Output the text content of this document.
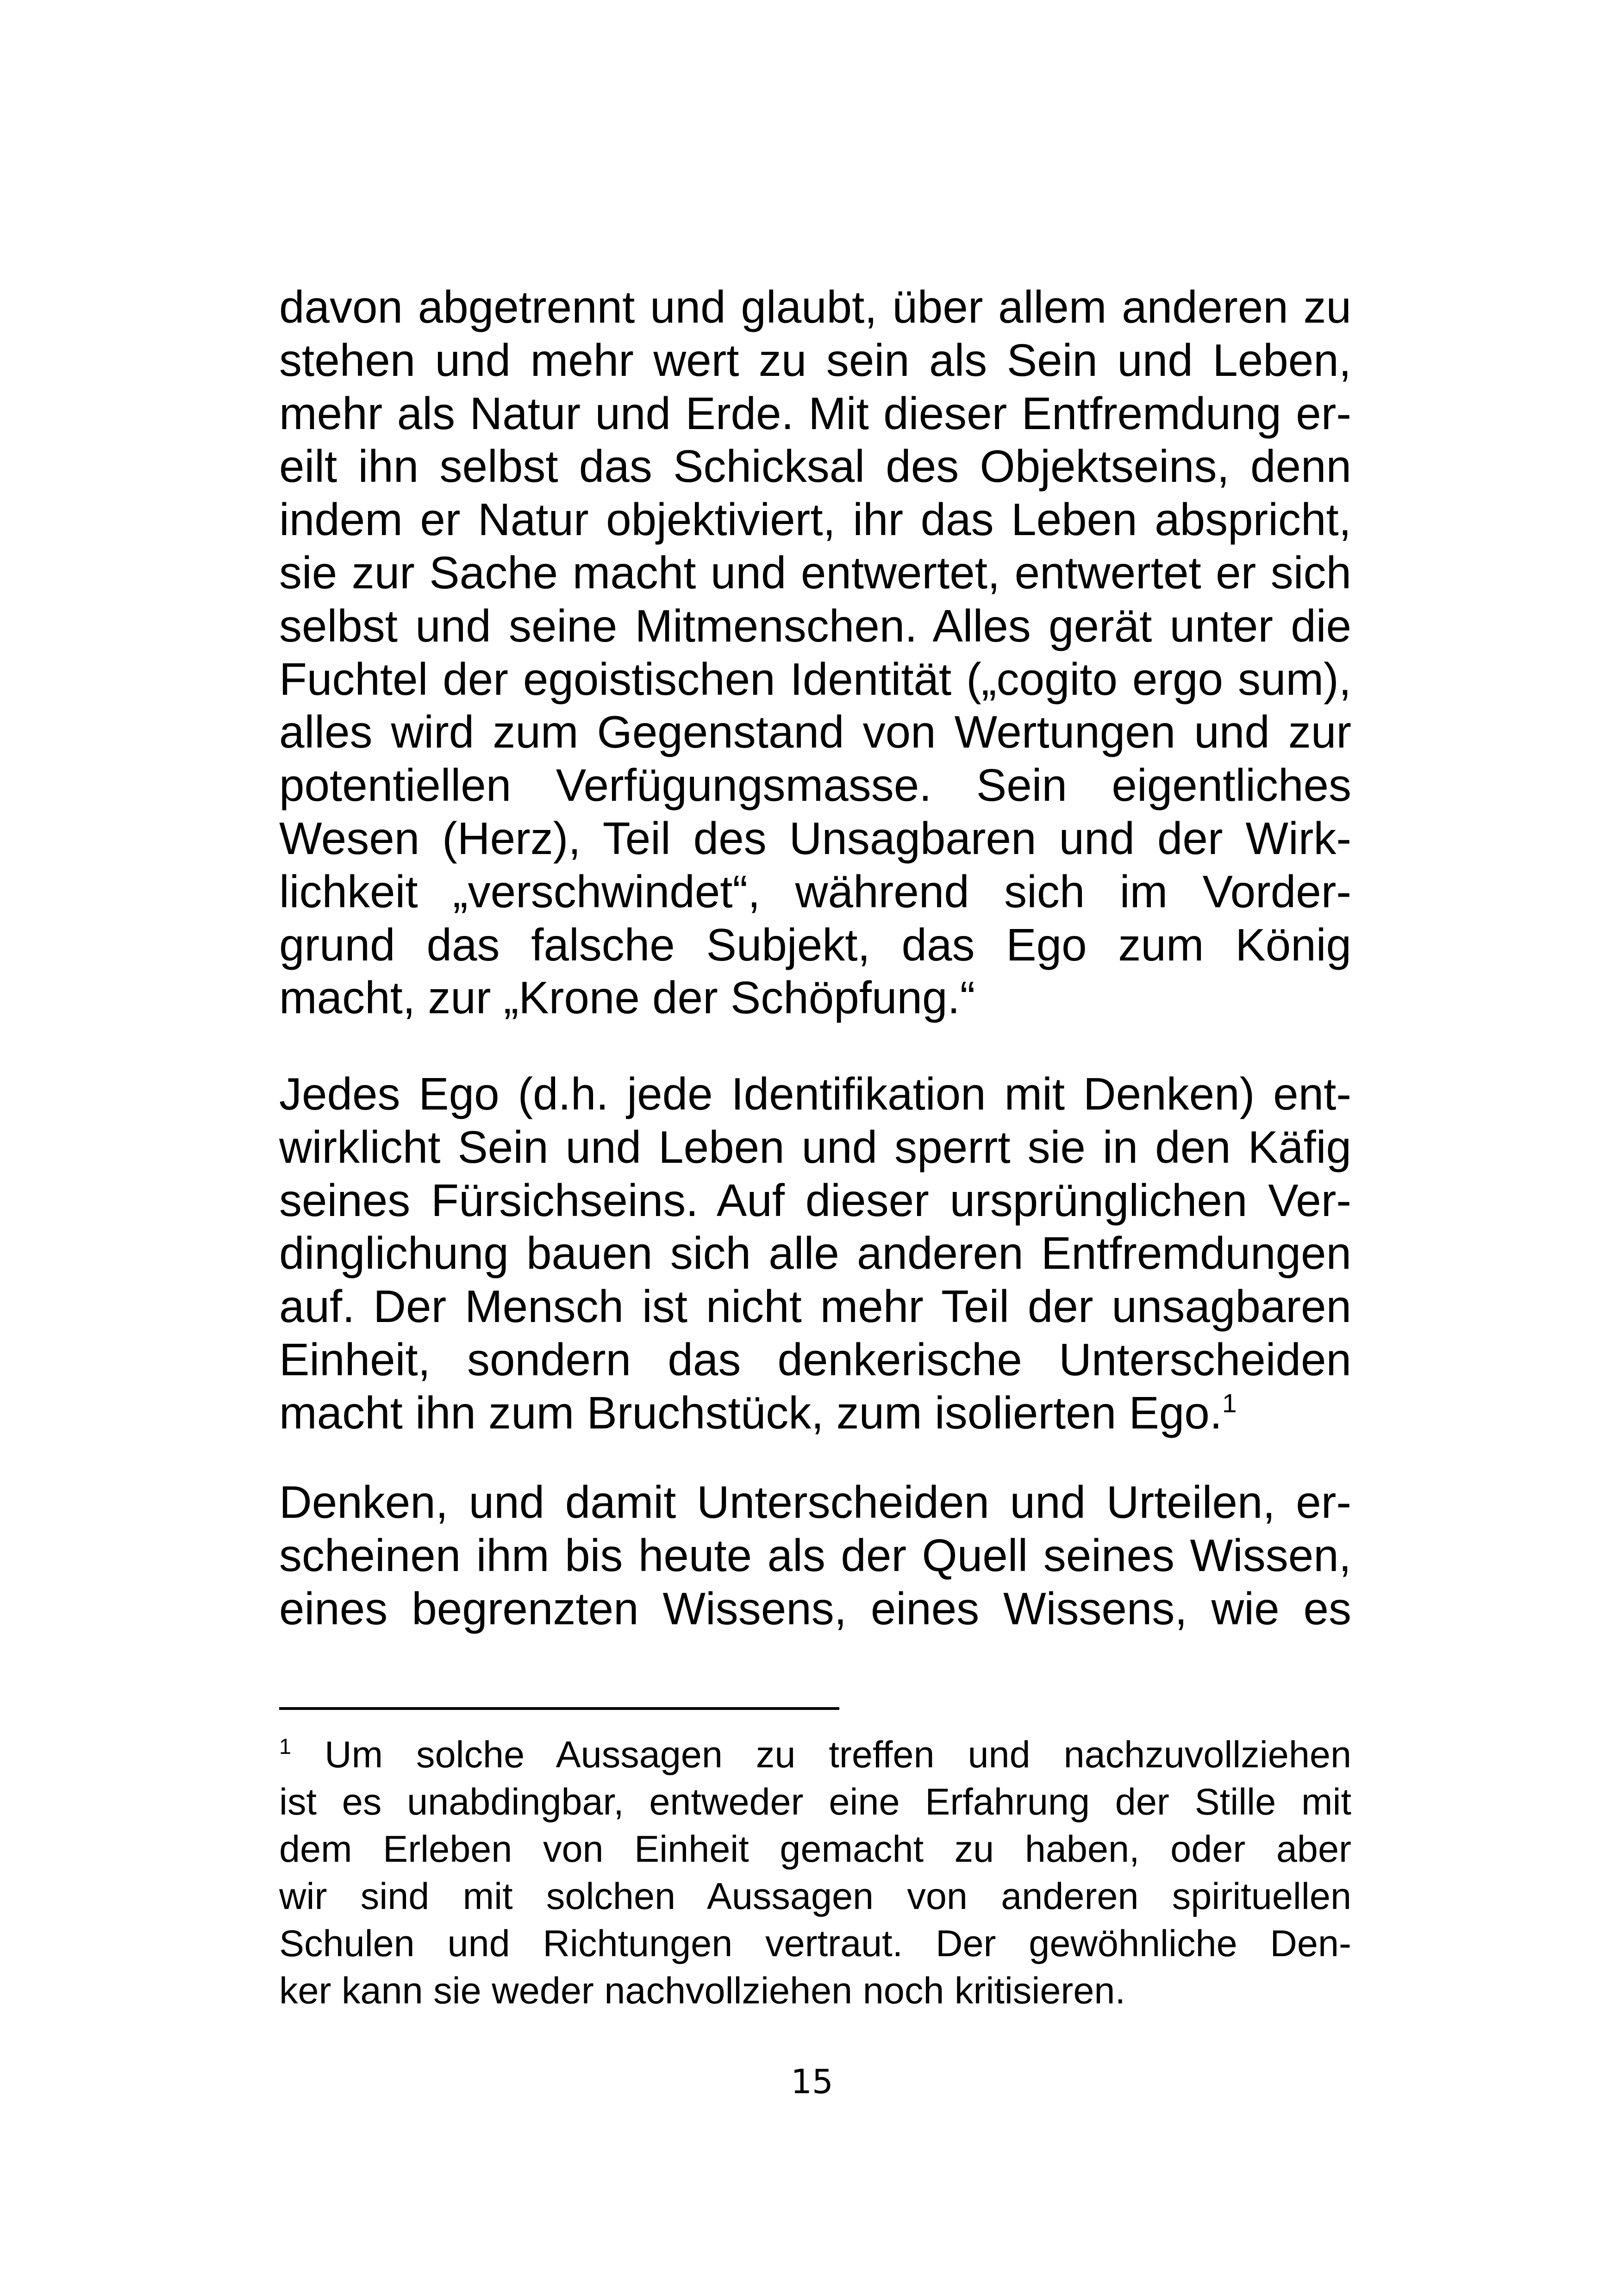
davon abgetrennt und glaubt, über allem anderen zu
stehen und mehr wert zu sein als Sein und Leben,
mehr als Natur und Erde. Mit dieser Entfremdung er-
eilt ihn selbst das Schicksal des Objektseins, denn
indem er Natur objektiviert, ihr das Leben abspricht,
sie zur Sache macht und entwertet, entwertet er sich
selbst und seine Mitmenschen. Alles gerät unter die
Fuchtel der egoistischen Identität („cogito ergo sum),
alles wird zum Gegenstand von Wertungen und zur
potentiellen Verfügungsmasse. Sein eigentliches
Wesen (Herz), Teil des Unsagbaren und der Wirk-
lichkeit „verschwindet“, während sich im Vorder-
grund das falsche Subjekt, das Ego zum König
macht, zur „Krone der Schöpfung.“
Jedes Ego (d.h. jede Identifikation mit Denken) ent-
wirklicht Sein und Leben und sperrt sie in den Käfig
seines Fürsichseins. Auf dieser ursprünglichen Ver-
dinglichung bauen sich alle anderen Entfremdungen
auf. Der Mensch ist nicht mehr Teil der unsagbaren
Einheit, sondern das denkerische Unterscheiden
macht ihn zum Bruchstück, zum isolierten Ego.$^1$
Denken, und damit Unterscheiden und Urteilen, er-
scheinen ihm bis heute als der Quell seines Wissen,
eines begrenzten Wissens, eines Wissens, wie es
$^1$ Um solche Aussagen zu treffen und nachzuvollziehen
ist es unabdingbar, entweder eine Erfahrung der Stille mit
dem Erleben von Einheit gemacht zu haben, oder aber
wir sind mit solchen Aussagen von anderen spirituellen
Schulen und Richtungen vertraut. Der gewöhnliche Den-
ker kann sie weder nachvollziehen noch kritisieren.
15
